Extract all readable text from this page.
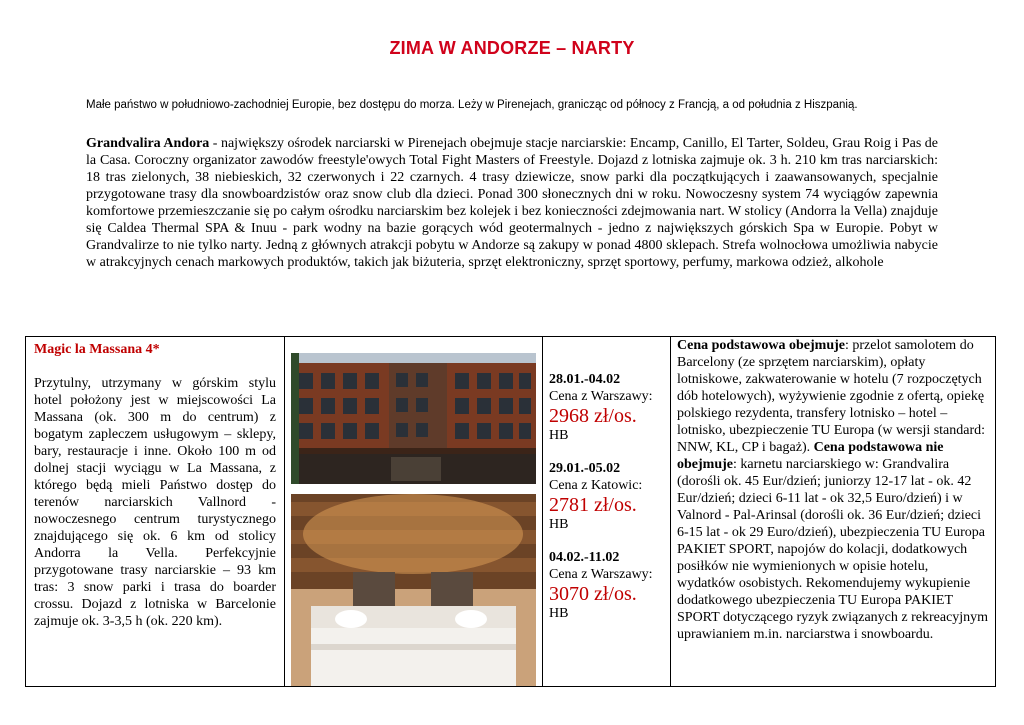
ZIMA W ANDORZE – NARTY
Małe państwo w południowo-zachodniej Europie, bez dostępu do morza. Leży w Pirenejach, granicząc od północy z Francją, a od południa z Hiszpanią.
Grandvalira Andora - największy ośrodek narciarski w Pirenejach obejmuje stacje narciarskie: Encamp, Canillo, El Tarter, Soldeu, Grau Roig i Pas de la Casa. Coroczny organizator zawodów freestyle'owych Total Fight Masters of Freestyle. Dojazd z lotniska zajmuje ok. 3 h. 210 km tras narciarskich: 18 tras zielonych, 38 niebieskich, 32 czerwonych i 22 czarnych. 4 trasy dziewicze, snow parki dla początkujących i zaawansowanych, specjalnie przygotowane trasy dla snowboardzistów oraz snow club dla dzieci. Ponad 300 słonecznych dni w roku. Nowoczesny system 74 wyciągów zapewnia komfortowe przemieszczanie się po całym ośrodku narciarskim bez kolejek i bez konieczności zdejmowania nart. W stolicy (Andorra la Vella) znajduje się Caldea Thermal SPA & Inuu - park wodny na bazie gorących wód geotermalnych - jedno z największych górskich Spa w Europie. Pobyt w Grandvalirze to nie tylko narty. Jedną z głównych atrakcji pobytu w Andorze są zakupy w ponad 4800 sklepach. Strefa wolnocłowa umożliwia nabycie w atrakcyjnych cenach markowych produktów, takich jak biżuteria, sprzęt elektroniczny, sprzęt sportowy, perfumy, markowa odzież, alkohole
Magic la Massana 4*
Przytulny, utrzymany w górskim stylu hotel położony jest w miejscowości La Massana (ok. 300 m do centrum) z bogatym zapleczem usługowym – sklepy, bary, restauracje i inne. Około 100 m od dolnej stacji wyciągu w La Massana, z którego będą mieli Państwo dostęp do terenów narciarskich Vallnord - nowoczesnego centrum turystycznego znajdującego się ok. 6 km od stolicy Andorra la Vella. Perfekcyjnie przygotowane trasy narciarskie – 93 km tras: 3 snow parki i trasa do boarder crossu. Dojazd z lotniska w Barcelonie zajmuje ok. 3-3,5 h (ok. 220 km).

28.01.-04.02
Cena z Warszawy:
2968 zł/os.
HB
29.01.-05.02
Cena z Katowic:
2781 zł/os.
HB
04.02.-11.02
Cena z Warszawy:
3070 zł/os.
HB

Cena podstawowa obejmuje: przelot samolotem do Barcelony (ze sprzętem narciarskim), opłaty lotniskowe, zakwaterowanie w hotelu (7 rozpoczętych dób hotelowych), wyżywienie zgodnie z ofertą, opiekę polskiego rezydenta, transfery lotnisko – hotel – lotnisko, ubezpieczenie TU Europa (w wersji standard: NNW, KL, CP i bagaż). Cena podstawowa nie obejmuje: karnetu narciarskiego w: Grandvalira (dorośli ok. 45 Eur/dzień; juniorzy 12-17 lat - ok. 42 Eur/dzień; dzieci 6-11 lat - ok 32,5 Euro/dzień) i w Valnord - Pal-Arinsal (dorośli ok. 36 Eur/dzień; dzieci 6-15 lat - ok 29 Euro/dzień), ubezpieczenia TU Europa PAKIET SPORT, napojów do kolacji, dodatkowych posiłków nie wymienionych w opisie hotelu, wydatków osobistych. Rekomendujemy wykupienie dodatkowego ubezpieczenia TU Europa PAKIET SPORT dotyczącego ryzyk związanych z rekreacyjnym uprawianiem m.in. narciarstwa i snowboardu.
